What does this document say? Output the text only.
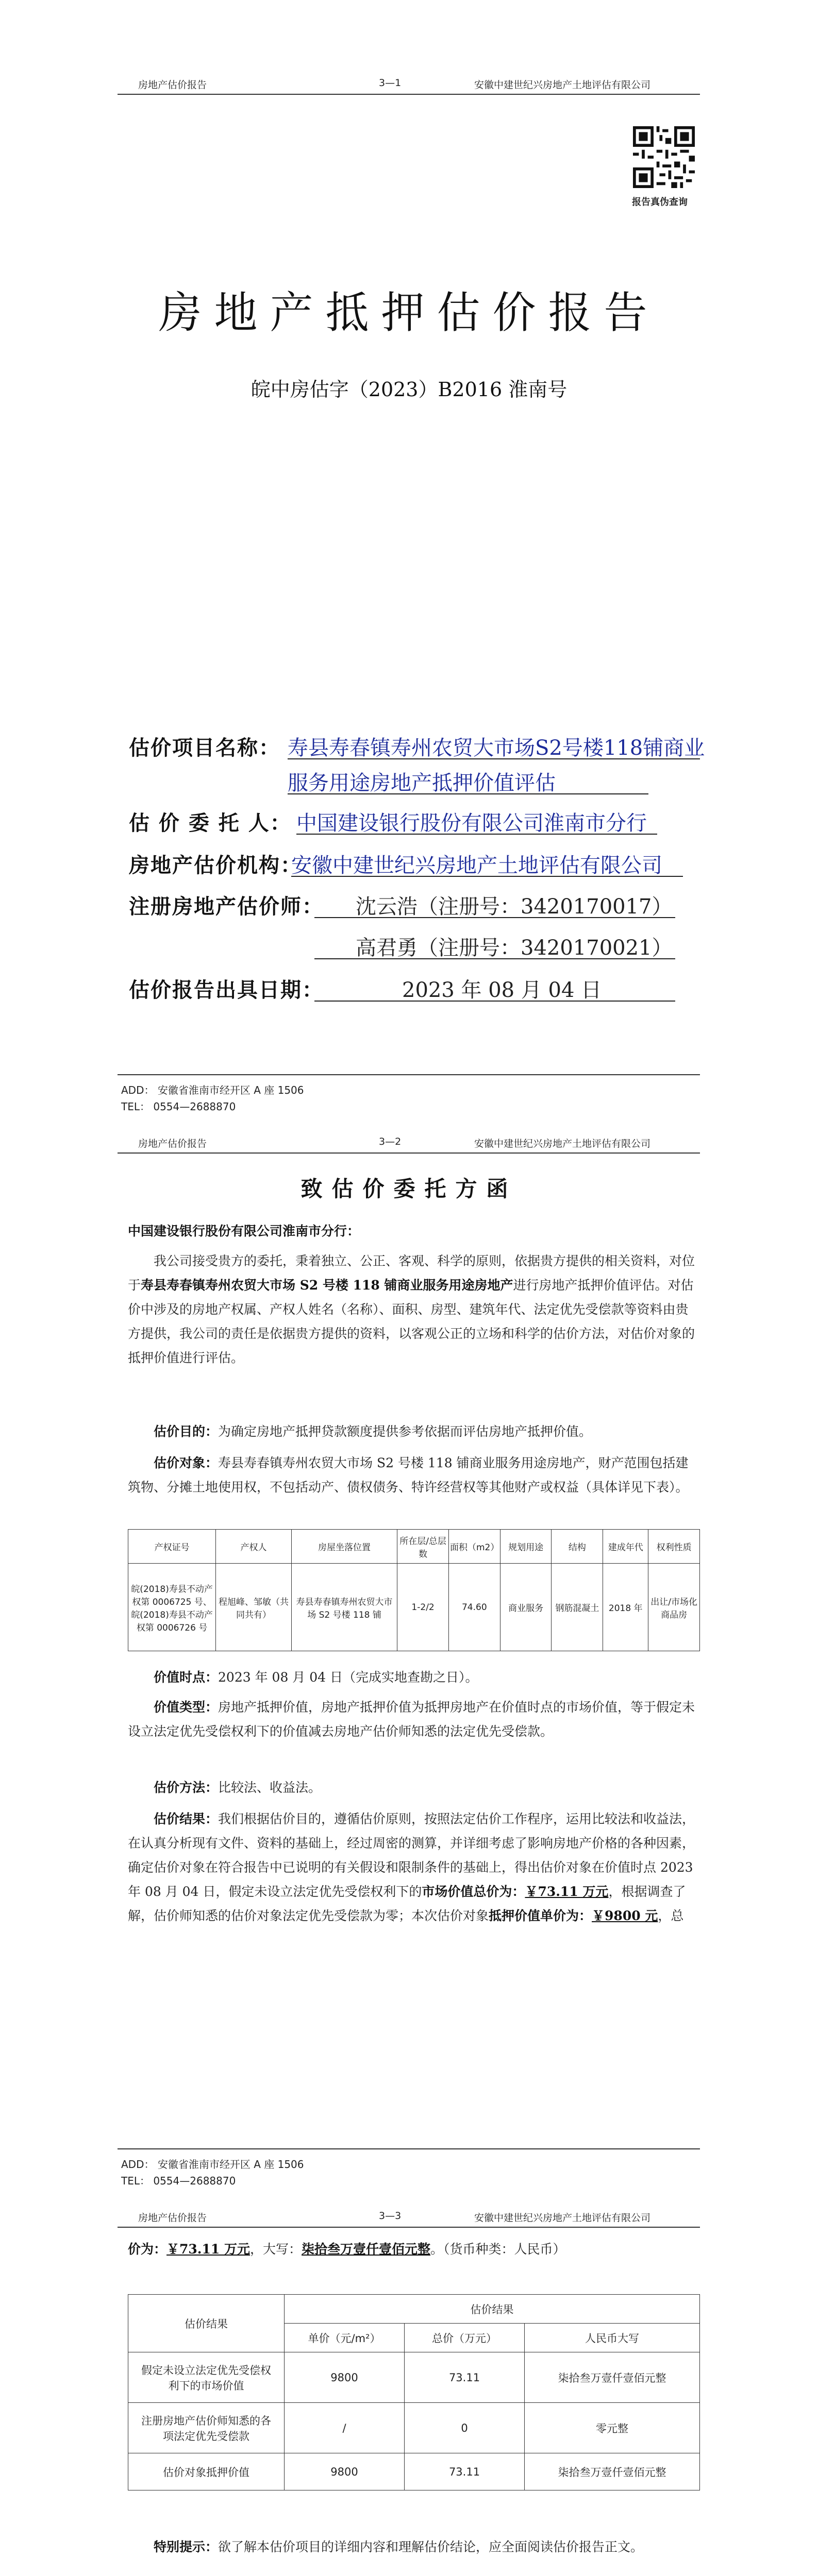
房地产估价报告	3—1	安徽中建世纪兴房地产土地评估有限公司
报告真伪查询
房地产抵押估价报告
皖中房估字（2023）B2016 淮南号
估价项目名称： 寿县寿春镇寿州农贸大市场S2号楼118铺商业
服务用途房地产抵押价值评估
估 价 委 托 人： 中国建设银行股份有限公司淮南市分行
房地产估价机构：
安徽中建世纪兴房地产土地评估有限公司
注册房地产估价师： 沈云浩（注册号：3420170017）
高君勇（注册号：3420170021）
估价报告出具日期：	2023 年 08 月 04 日
ADD： 安徽省淮南市经开区 A 座 1506
TEL： 0554—2688870
房地产估价报告	3—2	安徽中建世纪兴房地产土地评估有限公司
致估价委托方函
中国建设银行股份有限公司淮南市分行：
我公司接受贵方的委托，秉着独立、公正、客观、科学的原则，依据贵方提供的相关资料，对位于寿县寿春镇寿州农贸大市场 S2 号楼 118 铺商业服务用途房地产进行房地产抵押价值评估。对估价中涉及的房地产权属、产权人姓名（名称）、面积、房型、建筑年代、法定优先受偿款等资料由贵方提供，我公司的责任是依据贵方提供的资料，以客观公正的立场和科学的估价方法，对估价对象的抵押价值进行评估。
估价目的：为确定房地产抵押贷款额度提供参考依据而评估房地产抵押价值。
估价对象：寿县寿春镇寿州农贸大市场 S2 号楼 118 铺商业服务用途房地产，财产范围包括建筑物、分摊土地使用权，不包括动产、债权债务、特许经营权等其他财产或权益（具体详见下表）。
产权证号	产权人	房屋坐落位置	所在层/总层数	面积（m2）	规划用途	结构	建成年代	权利性质
皖(2018)寿县不动产权第 0006725 号、皖(2018)寿县不动产权第 0006726 号	程旭峰、邹敏（共同共有）	寿县寿春镇寿州农贸大市场 S2 号楼 118 铺	1-2/2	74.60	商业服务	钢筋混凝土	2018 年	出让/市场化商品房
价值时点：2023 年 08 月 04 日（完成实地查勘之日）。
价值类型：房地产抵押价值，房地产抵押价值为抵押房地产在价值时点的市场价值，等于假定未设立法定优先受偿权利下的价值减去房地产估价师知悉的法定优先受偿款。
估价方法：比较法、收益法。
估价结果：我们根据估价目的，遵循估价原则，按照法定估价工作程序，运用比较法和收益法，在认真分析现有文件、资料的基础上，经过周密的测算，并详细考虑了影响房地产价格的各种因素，确定估价对象在符合报告中已说明的有关假设和限制条件的基础上，得出估价对象在价值时点 2023 年 08 月 04 日，假定未设立法定优先受偿权利下的市场价值总价为：￥73.11 万元，根据调查了解，估价师知悉的估价对象法定优先受偿款为零；本次估价对象抵押价值单价为：￥9800 元，总
ADD： 安徽省淮南市经开区 A 座 1506
TEL： 0554—2688870
房地产估价报告	3—3	安徽中建世纪兴房地产土地评估有限公司
价为：￥73.11 万元，大写：柒拾叁万壹仟壹佰元整。（货币种类：人民币）
估价结果	估价结果		
	单价（元/m²）	总价（万元）	人民币大写
假定未设立法定优先受偿权利下的市场价值	9800	73.11	柒拾叁万壹仟壹佰元整
注册房地产估价师知悉的各项法定优先受偿款	/	0	零元整
估价对象抵押价值	9800	73.11	柒拾叁万壹仟壹佰元整
特别提示：欲了解本估价项目的详细内容和理解估价结论，应全面阅读估价报告正文。
